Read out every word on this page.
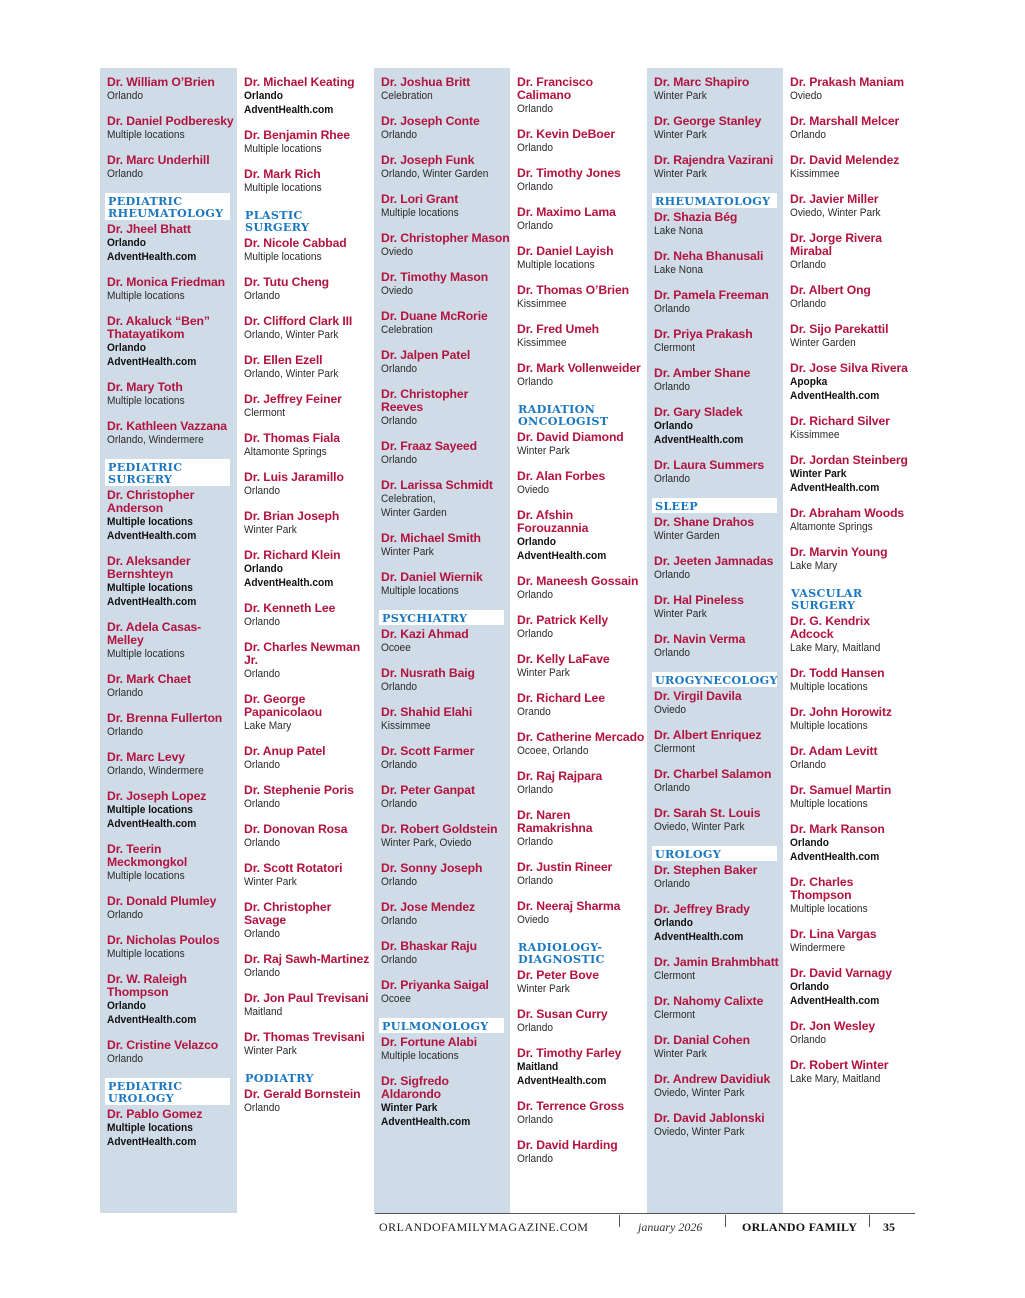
Dr. William O’Brien
Orlando
Dr. Daniel Podberesky
Multiple locations
Dr. Marc Underhill
Orlando
PEDIATRIC RHEUMATOLOGY
Dr. Jheel Bhatt
Orlando
AdventHealth.com
Dr. Monica Friedman
Multiple locations
Dr. Akaluck “Ben” Thatayatikom
Orlando
AdventHealth.com
Dr. Mary Toth
Multiple locations
Dr. Kathleen Vazzana
Orlando, Windermere
PEDIATRIC SURGERY
Dr. Christopher Anderson
Multiple locations
AdventHealth.com
Dr. Aleksander Bernshteyn
Multiple locations
AdventHealth.com
Dr. Adela Casas-Melley
Multiple locations
Dr. Mark Chaet
Orlando
Dr. Brenna Fullerton
Orlando
Dr. Marc Levy
Orlando, Windermere
Dr. Joseph Lopez
Multiple locations
AdventHealth.com
Dr. Teerin Meckmongkol
Multiple locations
Dr. Donald Plumley
Orlando
Dr. Nicholas Poulos
Multiple locations
Dr. W. Raleigh Thompson
Orlando
AdventHealth.com
Dr. Cristine Velazco
Orlando
PEDIATRIC UROLOGY
Dr. Pablo Gomez
Multiple locations
AdventHealth.com
Dr. Michael Keating
Orlando
AdventHealth.com
Dr. Benjamin Rhee
Multiple locations
Dr. Mark Rich
Multiple locations
PLASTIC SURGERY
Dr. Nicole Cabbad
Multiple locations
Dr. Tutu Cheng
Orlando
Dr. Clifford Clark III
Orlando, Winter Park
Dr. Ellen Ezell
Orlando, Winter Park
Dr. Jeffrey Feiner
Clermont
Dr. Thomas Fiala
Altamonte Springs
Dr. Luis Jaramillo
Orlando
Dr. Brian Joseph
Winter Park
Dr. Richard Klein
Orlando
AdventHealth.com
Dr. Kenneth Lee
Orlando
Dr. Charles Newman Jr.
Orlando
Dr. George Papanicolaou
Lake Mary
Dr. Anup Patel
Orlando
Dr. Stephenie Poris
Orlando
Dr. Donovan Rosa
Orlando
Dr. Scott Rotatori
Winter Park
Dr. Christopher Savage
Orlando
Dr. Raj Sawh-Martinez
Orlando
Dr. Jon Paul Trevisani
Maitland
Dr. Thomas Trevisani
Winter Park
PODIATRY
Dr. Gerald Bornstein
Orlando
Dr. Joshua Britt
Celebration
Dr. Joseph Conte
Orlando
Dr. Joseph Funk
Orlando, Winter Garden
Dr. Lori Grant
Multiple locations
Dr. Christopher Mason
Oviedo
Dr. Timothy Mason
Oviedo
Dr. Duane McRorie
Celebration
Dr. Jalpen Patel
Orlando
Dr. Christopher Reeves
Orlando
Dr. Fraaz Sayeed
Orlando
Dr. Larissa Schmidt
Celebration,
Winter Garden
Dr. Michael Smith
Winter Park
Dr. Daniel Wiernik
Multiple locations
PSYCHIATRY
Dr. Kazi Ahmad
Ocoee
Dr. Nusrath Baig
Orlando
Dr. Shahid Elahi
Kissimmee
Dr. Scott Farmer
Orlando
Dr. Peter Ganpat
Orlando
Dr. Robert Goldstein
Winter Park, Oviedo
Dr. Sonny Joseph
Orlando
Dr. Jose Mendez
Orlando
Dr. Bhaskar Raju
Orlando
Dr. Priyanka Saigal
Ocoee
PULMONOLOGY
Dr. Fortune Alabi
Multiple locations
Dr. Sigfredo Aldarondo
Winter Park
AdventHealth.com
Dr. Francisco Calimano
Orlando
Dr. Kevin DeBoer
Orlando
Dr. Timothy Jones
Orlando
Dr. Maximo Lama
Orlando
Dr. Daniel Layish
Multiple locations
Dr. Thomas O’Brien
Kissimmee
Dr. Fred Umeh
Kissimmee
Dr. Mark Vollenweider
Orlando
RADIATION ONCOLOGIST
Dr. David Diamond
Winter Park
Dr. Alan Forbes
Oviedo
Dr. Afshin Forouzannia
Orlando
AdventHealth.com
Dr. Maneesh Gossain
Orlando
Dr. Patrick Kelly
Orlando
Dr. Kelly LaFave
Winter Park
Dr. Richard Lee
Orando
Dr. Catherine Mercado
Ocoee, Orlando
Dr. Raj Rajpara
Orlando
Dr. Naren Ramakrishna
Orlando
Dr. Justin Rineer
Orlando
Dr. Neeraj Sharma
Oviedo
RADIOLOGY-DIAGNOSTIC
Dr. Peter Bove
Winter Park
Dr. Susan Curry
Orlando
Dr. Timothy Farley
Maitland
AdventHealth.com
Dr. Terrence Gross
Orlando
Dr. David Harding
Orlando
Dr. Marc Shapiro
Winter Park
Dr. George Stanley
Winter Park
Dr. Rajendra Vazirani
Winter Park
RHEUMATOLOGY
Dr. Shazia Bég
Lake Nona
Dr. Neha Bhanusali
Lake Nona
Dr. Pamela Freeman
Orlando
Dr. Priya Prakash
Clermont
Dr. Amber Shane
Orlando
Dr. Gary Sladek
Orlando
AdventHealth.com
Dr. Laura Summers
Orlando
SLEEP
Dr. Shane Drahos
Winter Garden
Dr. Jeeten Jamnadas
Orlando
Dr. Hal Pineless
Winter Park
Dr. Navin Verma
Orlando
UROGYNECOLOGY
Dr. Virgil Davila
Oviedo
Dr. Albert Enriquez
Clermont
Dr. Charbel Salamon
Orlando
Dr. Sarah St. Louis
Oviedo, Winter Park
UROLOGY
Dr. Stephen Baker
Orlando
Dr. Jeffrey Brady
Orlando
AdventHealth.com
Dr. Jamin Brahmbhatt
Clermont
Dr. Nahomy Calixte
Clermont
Dr. Danial Cohen
Winter Park
Dr. Andrew Davidiuk
Oviedo, Winter Park
Dr. David Jablonski
Oviedo, Winter Park
Dr. Prakash Maniam
Oviedo
Dr. Marshall Melcer
Orlando
Dr. David Melendez
Kissimmee
Dr. Javier Miller
Oviedo, Winter Park
Dr. Jorge Rivera Mirabal
Orlando
Dr. Albert Ong
Orlando
Dr. Sijo Parekattil
Winter Garden
Dr. Jose Silva Rivera
Apopka
AdventHealth.com
Dr. Richard Silver
Kissimmee
Dr. Jordan Steinberg
Winter Park
AdventHealth.com
Dr. Abraham Woods
Altamonte Springs
Dr. Marvin Young
Lake Mary
VASCULAR SURGERY
Dr. G. Kendrix Adcock
Lake Mary, Maitland
Dr. Todd Hansen
Multiple locations
Dr. John Horowitz
Multiple locations
Dr. Adam Levitt
Orlando
Dr. Samuel Martin
Multiple locations
Dr. Mark Ranson
Orlando
AdventHealth.com
Dr. Charles Thompson
Multiple locations
Dr. Lina Vargas
Windermere
Dr. David Varnagy
Orlando
AdventHealth.com
Dr. Jon Wesley
Orlando
Dr. Robert Winter
Lake Mary, Maitland
ORLANDOFAMILYMAGAZINE.COM	january 2026	ORLANDO FAMILY 35
